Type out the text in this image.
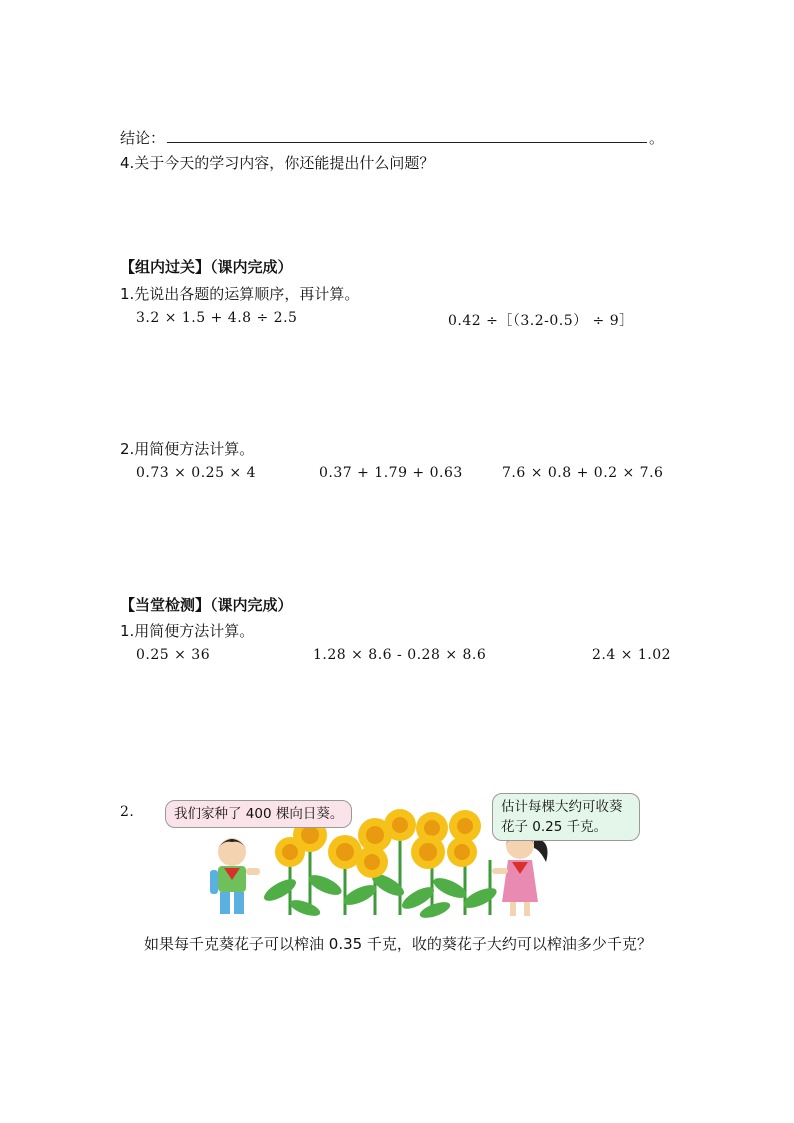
结论：	。
4.关于今天的学习内容，你还能提出什么问题？
【组内过关】（课内完成）
1.先说出各题的运算顺序，再计算。
3.2 × 1.5 + 4.8 ÷ 2.5	0.42 ÷［（3.2-0.5） ÷ 9］
2.用简便方法计算。
0.73 × 0.25 × 4	0.37 + 1.79 + 0.63	7.6 × 0.8 + 0.2 × 7.6
【当堂检测】（课内完成）
1.用简便方法计算。
0.25 × 36	1.28 × 8.6 - 0.28 × 8.6	2.4 × 1.02
2.	我们家种了 400 棵向日葵。	估计每棵大约可收葵花子 0.25 千克。
如果每千克葵花子可以榨油 0.35 千克，收的葵花子大约可以榨油多少千克？
